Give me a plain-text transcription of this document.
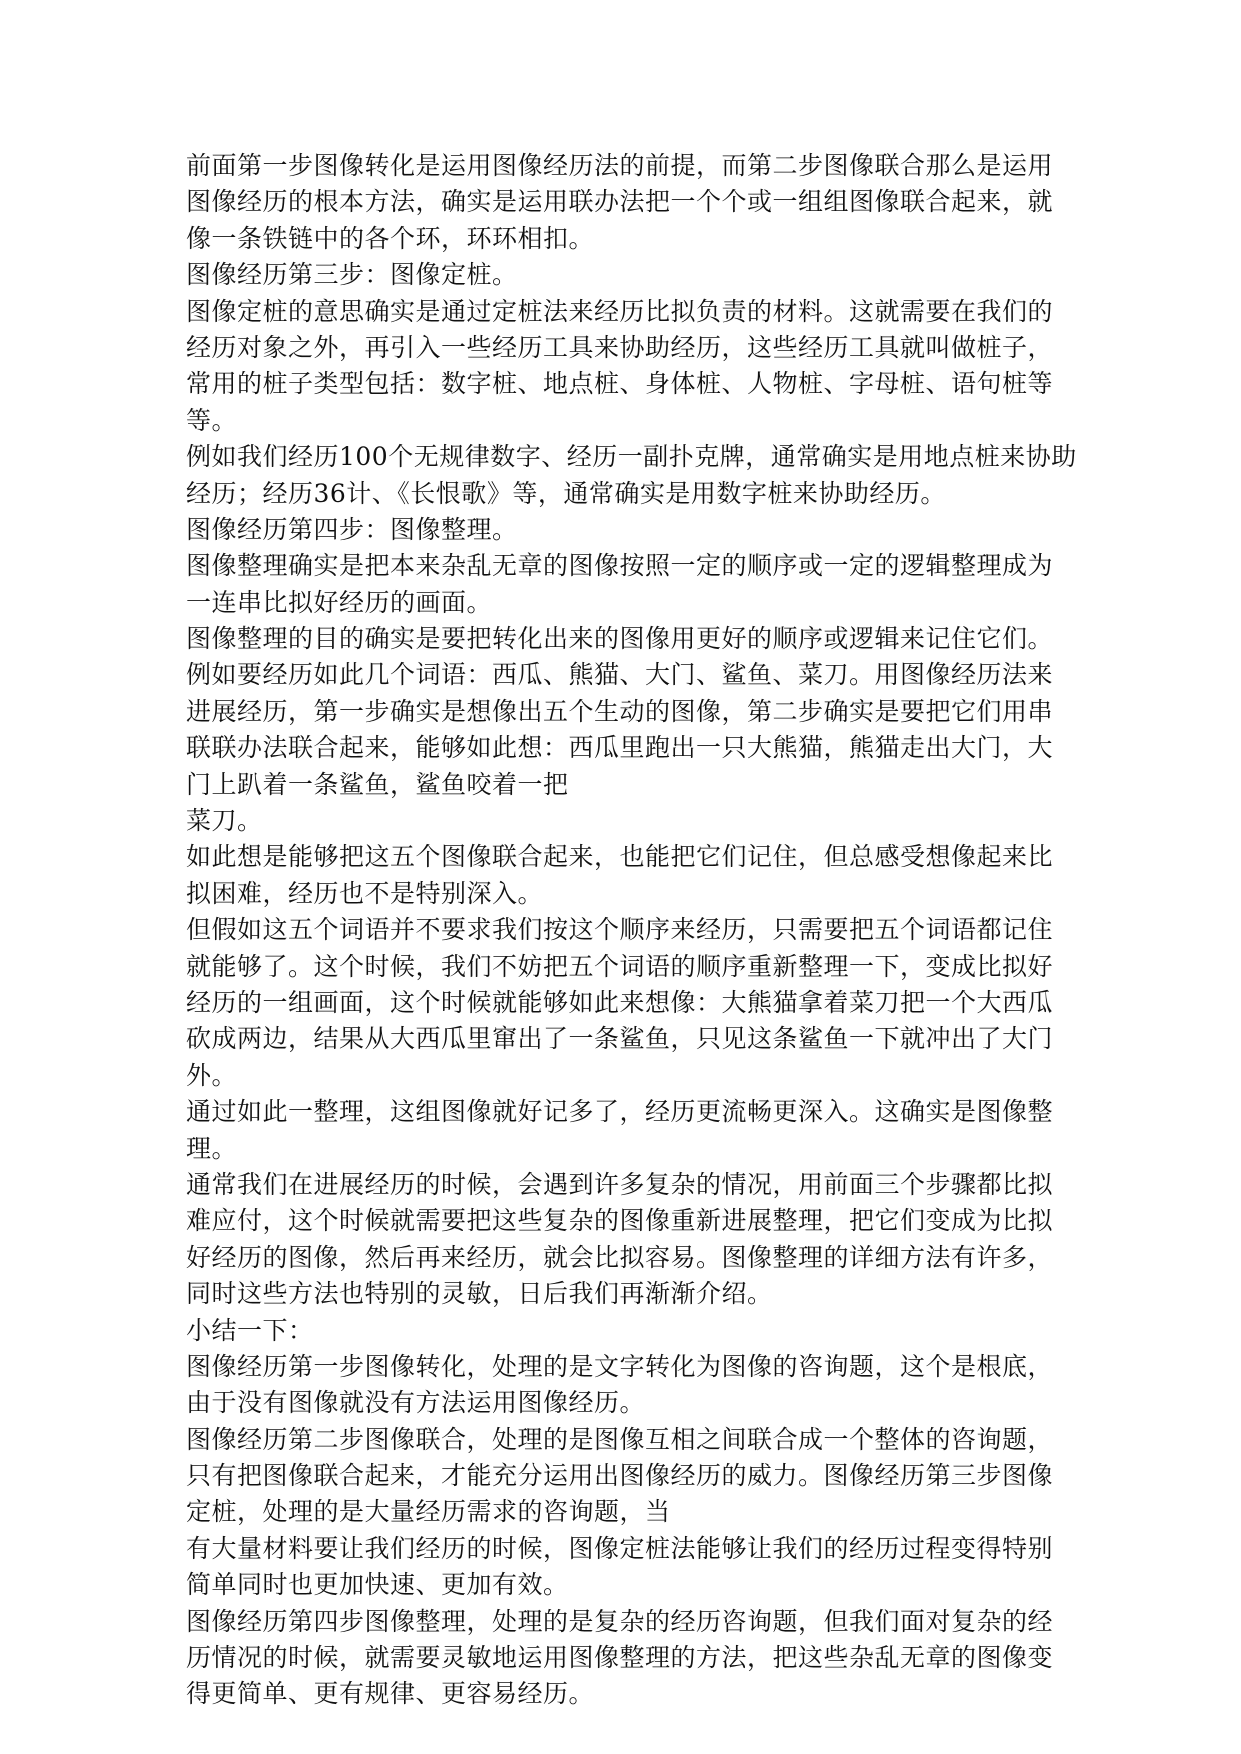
前面第一步图像转化是运用图像经历法的前提，而第二步图像联合那么是运用
图像经历的根本方法，确实是运用联办法把一个个或一组组图像联合起来，就
像一条铁链中的各个环，环环相扣。
图像经历第三步：图像定桩。
图像定桩的意思确实是通过定桩法来经历比拟负责的材料。这就需要在我们的
经历对象之外，再引入一些经历工具来协助经历，这些经历工具就叫做桩子，
常用的桩子类型包括：数字桩、地点桩、身体桩、人物桩、字母桩、语句桩等
等。
例如我们经历100个无规律数字、经历一副扑克牌，通常确实是用地点桩来协助
经历；经历36计、《长恨歌》等，通常确实是用数字桩来协助经历。
图像经历第四步：图像整理。
图像整理确实是把本来杂乱无章的图像按照一定的顺序或一定的逻辑整理成为
一连串比拟好经历的画面。
图像整理的目的确实是要把转化出来的图像用更好的顺序或逻辑来记住它们。
例如要经历如此几个词语：西瓜、熊猫、大门、鲨鱼、菜刀。用图像经历法来
进展经历，第一步确实是想像出五个生动的图像，第二步确实是要把它们用串
联联办法联合起来，能够如此想：西瓜里跑出一只大熊猫，熊猫走出大门，大
门上趴着一条鲨鱼，鲨鱼咬着一把
菜刀。
如此想是能够把这五个图像联合起来，也能把它们记住，但总感受想像起来比
拟困难，经历也不是特别深入。
但假如这五个词语并不要求我们按这个顺序来经历，只需要把五个词语都记住
就能够了。这个时候，我们不妨把五个词语的顺序重新整理一下，变成比拟好
经历的一组画面，这个时候就能够如此来想像：大熊猫拿着菜刀把一个大西瓜
砍成两边，结果从大西瓜里窜出了一条鲨鱼，只见这条鲨鱼一下就冲出了大门
外。
通过如此一整理，这组图像就好记多了，经历更流畅更深入。这确实是图像整
理。
通常我们在进展经历的时候，会遇到许多复杂的情况，用前面三个步骤都比拟
难应付，这个时候就需要把这些复杂的图像重新进展整理，把它们变成为比拟
好经历的图像，然后再来经历，就会比拟容易。图像整理的详细方法有许多，
同时这些方法也特别的灵敏，日后我们再渐渐介绍。
小结一下：
图像经历第一步图像转化，处理的是文字转化为图像的咨询题，这个是根底，
由于没有图像就没有方法运用图像经历。
图像经历第二步图像联合，处理的是图像互相之间联合成一个整体的咨询题，
只有把图像联合起来，才能充分运用出图像经历的威力。图像经历第三步图像
定桩，处理的是大量经历需求的咨询题，当
有大量材料要让我们经历的时候，图像定桩法能够让我们的经历过程变得特别
简单同时也更加快速、更加有效。
图像经历第四步图像整理，处理的是复杂的经历咨询题，但我们面对复杂的经
历情况的时候，就需要灵敏地运用图像整理的方法，把这些杂乱无章的图像变
得更简单、更有规律、更容易经历。
